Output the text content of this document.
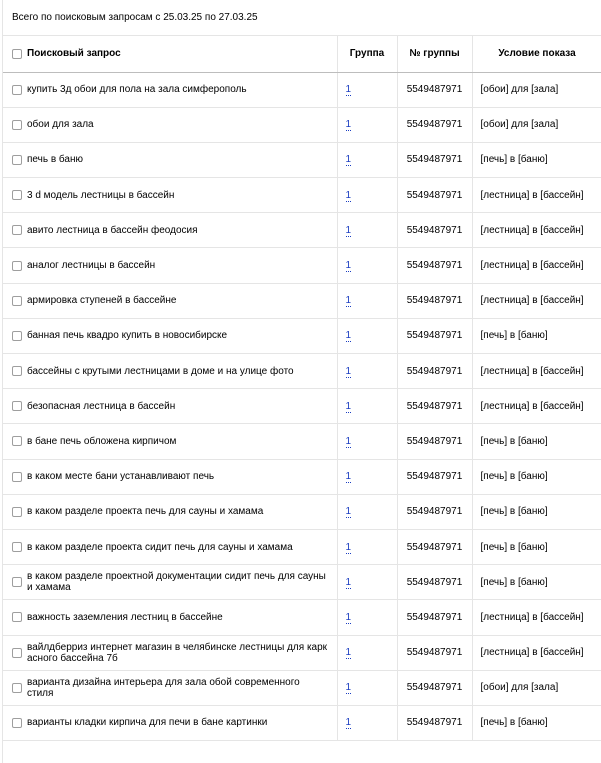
Всего по поисковым запросам с 25.03.25 по 27.03.25
Поисковый запрос	Группа	№ группы	Условие показа

купить 3д обои для пола на зала симферополь	1	5549487971	[обои] для [зала]

обои для зала	1	5549487971	[обои] для [зала]

печь в баню	1	5549487971	[печь] в [баню]

3 d модель лестницы в бассейн	1	5549487971	[лестница] в [бассейн]

авито лестница в бассейн феодосия	1	5549487971	[лестница] в [бассейн]

аналог лестницы в бассейн	1	5549487971	[лестница] в [бассейн]

армировка ступеней в бассейне	1	5549487971	[лестница] в [бассейн]

банная печь квадро купить в новосибирске	1	5549487971	[печь] в [баню]

бассейны с крутыми лестницами в доме и на улице фото	1	5549487971	[лестница] в [бассейн]

безопасная лестница в бассейн	1	5549487971	[лестница] в [бассейн]

в бане печь обложена кирпичом	1	5549487971	[печь] в [баню]

в каком месте бани устанавливают печь	1	5549487971	[печь] в [баню]

в каком разделе проекта печь для сауны и хамама	1	5549487971	[печь] в [баню]

в каком разделе проекта сидит печь для сауны и хамама	1	5549487971	[печь] в [баню]

в каком разделе проектной документации сидит печь для сауны и хамама	1	5549487971	[печь] в [баню]

важность заземления лестниц в бассейне	1	5549487971	[лестница] в [бассейн]

вайлдберриз интернет магазин в челябинске лестницы для карк асного бассейна 7б	1	5549487971	[лестница] в [бассейн]

варианта дизайна интерьера для зала обой современного стиля	1	5549487971	[обои] для [зала]

варианты кладки кирпича для печи в бане картинки	1	5549487971	[печь] в [баню]
